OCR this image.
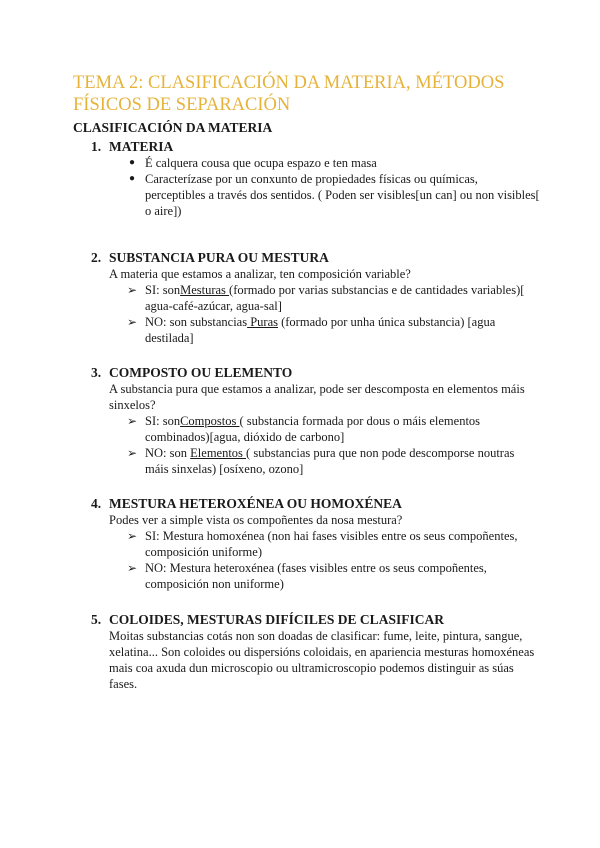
TEMA 2: CLASIFICACIÓN DA MATERIA, MÉTODOS FÍSICOS DE SEPARACIÓN
CLASIFICACIÓN DA MATERIA
1. MATERIA
● É calquera cousa que ocupa espazo e ten masa
● Caracterízase por un conxunto de propiedades físicas ou químicas, perceptibles a través dos sentidos. ( Poden ser visibles[un can] ou non visibles[ o aire])
2. SUBSTANCIA PURA OU MESTURA
A materia que estamos a analizar, ten composición variable?
➢ SI: sonMesturas (formado por varias substancias e de cantidades variables)[ agua-café-azúcar, agua-sal]
➢ NO: son substancias Puras (formado por unha única substancia) [agua destilada]
3. COMPOSTO OU ELEMENTO
A substancia pura que estamos a analizar, pode ser descomposta en elementos máis sinxelos?
➢ SI: sonCompostos ( substancia formada por dous o máis elementos combinados)[agua, dióxido de carbono]
➢ NO: son Elementos ( substancias pura que non pode descomporse noutras máis sinxelas) [osíxeno, ozono]
4. MESTURA HETEROXÉNEA OU HOMOXÉNEA
Podes ver a simple vista os compoñentes da nosa mestura?
➢ SI: Mestura homoxénea (non hai fases visibles entre os seus compoñentes, composición uniforme)
➢ NO: Mestura heteroxénea (fases visibles entre os seus compoñentes, composición non uniforme)
5. COLOIDES, MESTURAS DIFÍCILES DE CLASIFICAR
Moitas substancias cotás non son doadas de clasificar: fume, leite, pintura, sangue, xelatina... Son coloides ou dispersións coloidais, en apariencia mesturas homoxéneas mais coa axuda dun microscopio ou ultramicroscopio podemos distinguir as súas fases.
